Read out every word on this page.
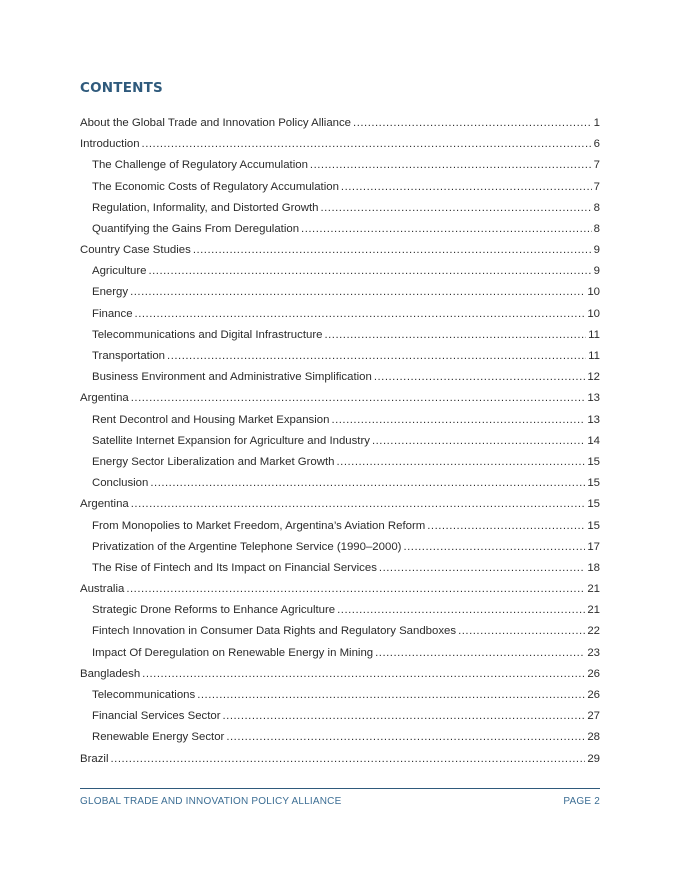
CONTENTS
About the Global Trade and Innovation Policy Alliance .....	1
Introduction .....	6
The Challenge of Regulatory Accumulation .....	7
The Economic Costs of Regulatory Accumulation .....	7
Regulation, Informality, and Distorted Growth .....	8
Quantifying the Gains From Deregulation .....	8
Country Case Studies .....	9
Agriculture .....	9
Energy .....	10
Finance .....	10
Telecommunications and Digital Infrastructure .....	11
Transportation .....	11
Business Environment and Administrative Simplification .....	12
Argentina .....	13
Rent Decontrol and Housing Market Expansion .....	13
Satellite Internet Expansion for Agriculture and Industry .....	14
Energy Sector Liberalization and Market Growth .....	15
Conclusion .....	15
Argentina .....	15
From Monopolies to Market Freedom, Argentina’s Aviation Reform .....	15
Privatization of the Argentine Telephone Service (1990–2000) .....	17
The Rise of Fintech and Its Impact on Financial Services .....	18
Australia .....	21
Strategic Drone Reforms to Enhance Agriculture .....	21
Fintech Innovation in Consumer Data Rights and Regulatory Sandboxes .....	22
Impact Of Deregulation on Renewable Energy in Mining .....	23
Bangladesh .....	26
Telecommunications .....	26
Financial Services Sector .....	27
Renewable Energy Sector .....	28
Brazil .....	29
GLOBAL TRADE AND INNOVATION POLICY ALLIANCE	PAGE 2
